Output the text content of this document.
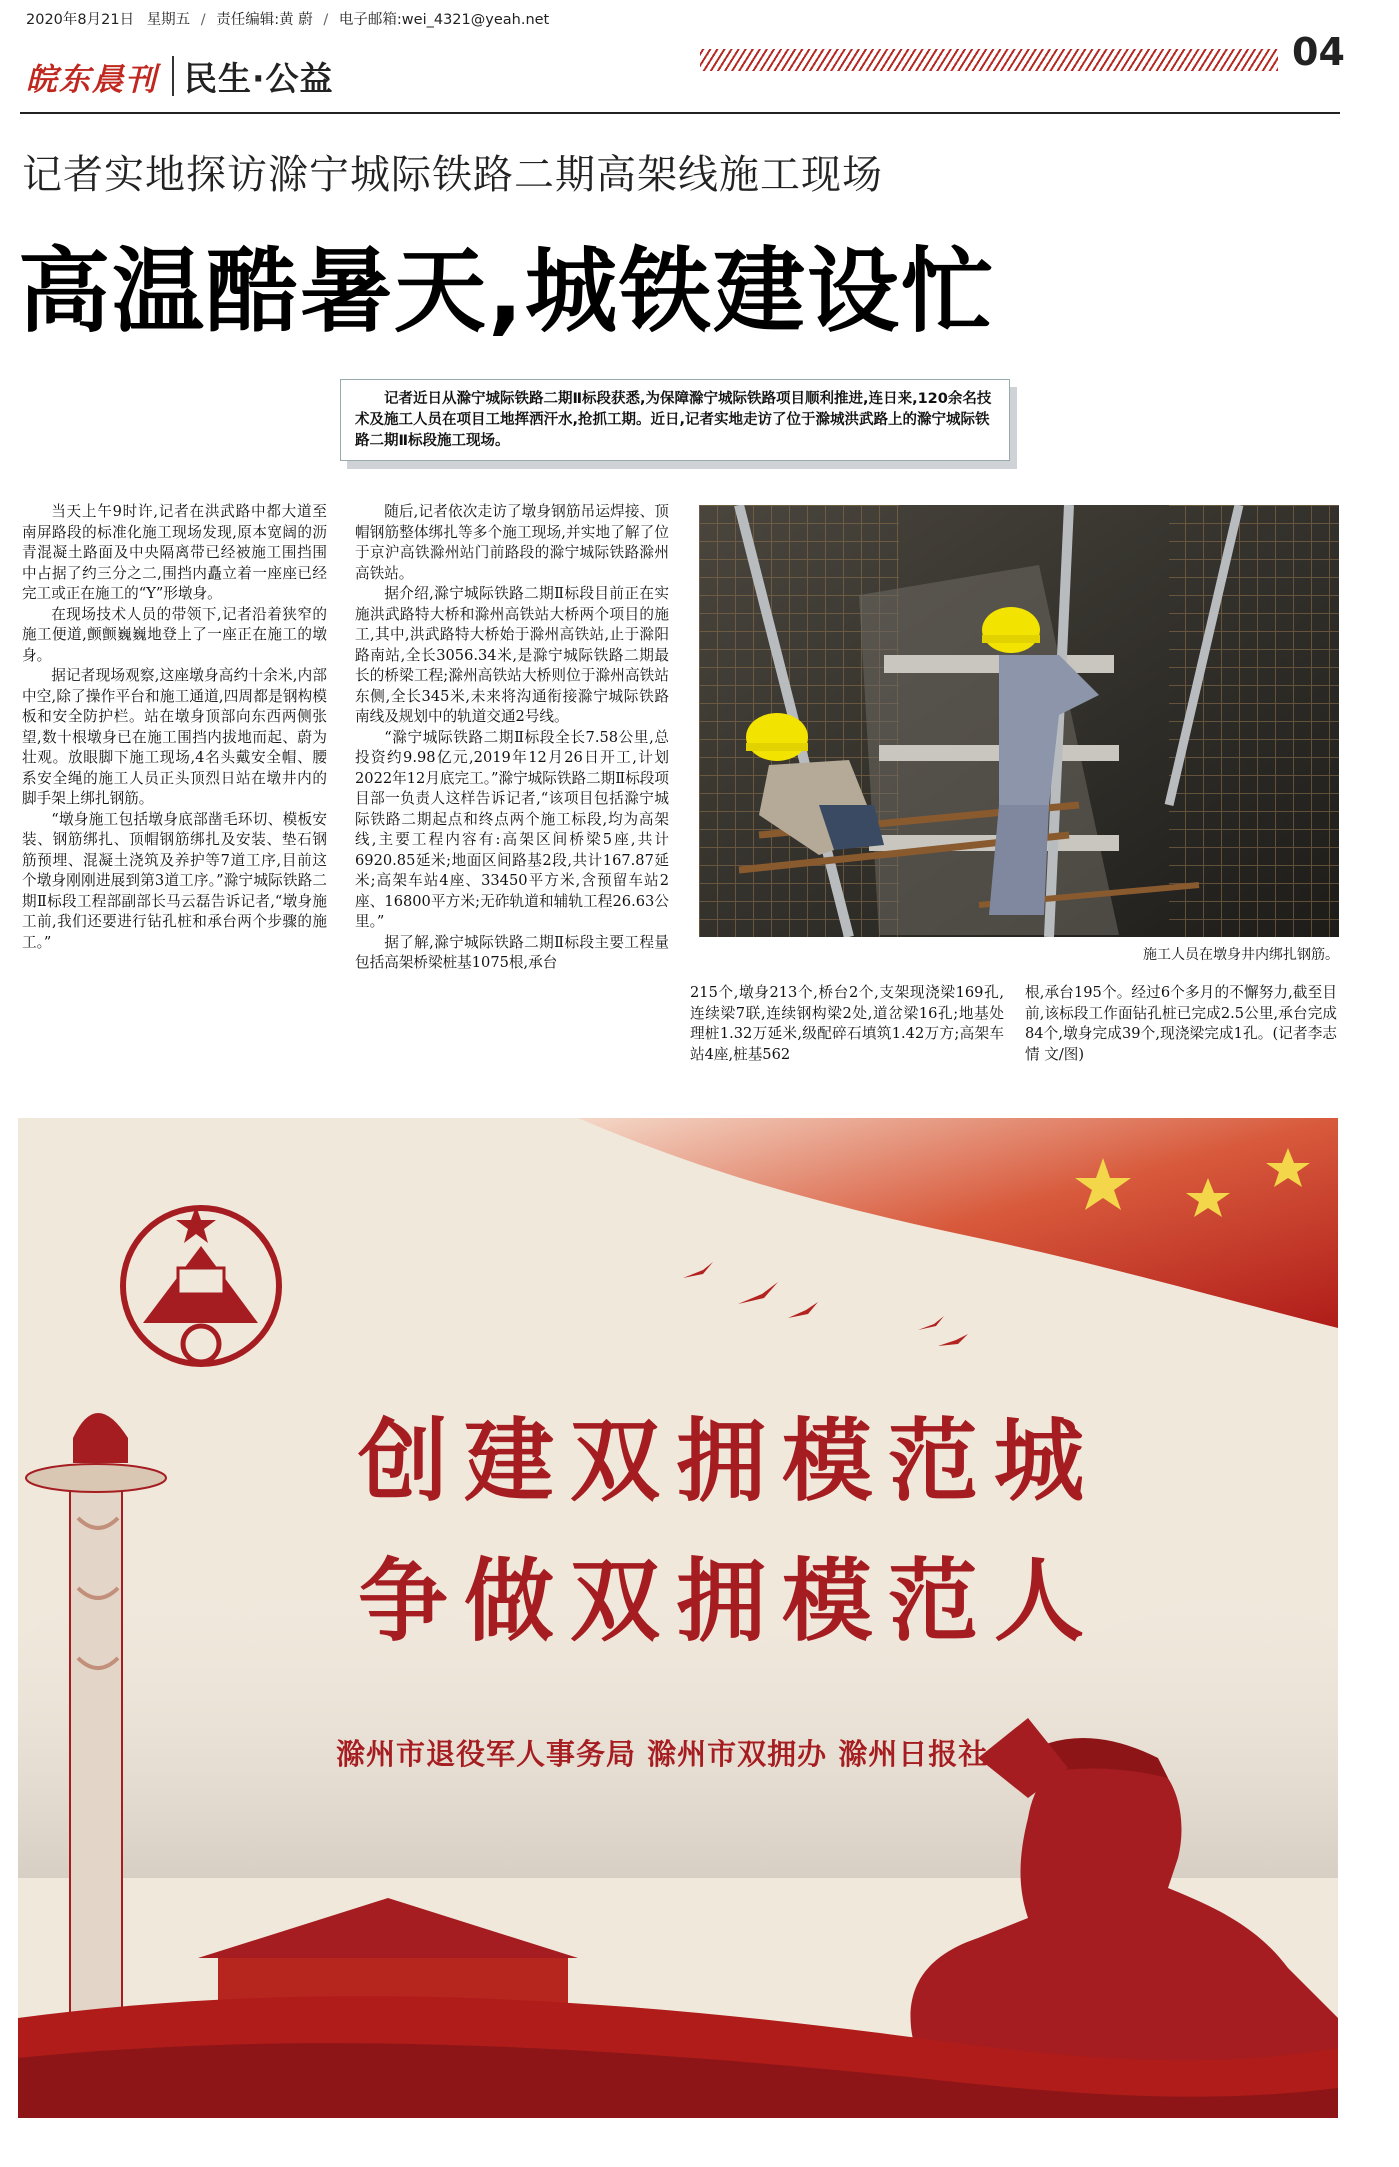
2020年8月21日 星期五 / 责任编辑:黄 蔚 / 电子邮箱:wei_4321@yeah.net
皖东晨刊 民生·公益
04
记者实地探访滁宁城际铁路二期高架线施工现场
高温酷暑天,城铁建设忙
记者近日从滁宁城际铁路二期Ⅱ标段获悉,为保障滁宁城际铁路项目顺利推进,连日来,120余名技术及施工人员在项目工地挥洒汗水,抢抓工期。近日,记者实地走访了位于滁城洪武路上的滁宁城际铁路二期Ⅱ标段施工现场。

当天上午9时许,记者在洪武路中都大道至南屏路段的标准化施工现场发现,原本宽阔的沥青混凝土路面及中央隔离带已经被施工围挡围中占据了约三分之二,围挡内矗立着一座座已经完工或正在施工的“Y”形墩身。

在现场技术人员的带领下,记者沿着狭窄的施工便道,颤颤巍巍地登上了一座正在施工的墩身。

据记者现场观察,这座墩身高约十余米,内部中空,除了操作平台和施工通道,四周都是钢构模板和安全防护栏。站在墩身顶部向东西两侧张望,数十根墩身已在施工围挡内拔地而起、蔚为壮观。放眼脚下施工现场,4名头戴安全帽、腰系安全绳的施工人员正头顶烈日站在墩井内的脚手架上绑扎钢筋。

“墩身施工包括墩身底部凿毛环切、模板安装、钢筋绑扎、顶帽钢筋绑扎及安装、垫石钢筋预埋、混凝土浇筑及养护等7道工序,目前这个墩身刚刚进展到第3道工序。”滁宁城际铁路二期Ⅱ标段工程部副部长马云磊告诉记者,“墩身施工前,我们还要进行钻孔桩和承台两个步骤的施工。”

随后,记者依次走访了墩身钢筋吊运焊接、顶帽钢筋整体绑扎等多个施工现场,并实地了解了位于京沪高铁滁州站门前路段的滁宁城际铁路滁州高铁站。

据介绍,滁宁城际铁路二期Ⅱ标段目前正在实施洪武路特大桥和滁州高铁站大桥两个项目的施工,其中,洪武路特大桥始于滁州高铁站,止于滁阳路南站,全长3056.34米,是滁宁城际铁路二期最长的桥梁工程;滁州高铁站大桥则位于滁州高铁站东侧,全长345米,未来将沟通衔接滁宁城际铁路南线及规划中的轨道交通2号线。

“滁宁城际铁路二期Ⅱ标段全长7.58公里,总投资约9.98亿元,2019年12月26日开工,计划2022年12月底完工。”滁宁城际铁路二期Ⅱ标段项目部一负责人这样告诉记者,“该项目包括滁宁城际铁路二期起点和终点两个施工标段,均为高架线,主要工程内容有:高架区间桥梁5座,共计6920.85延米;地面区间路基2段,共计167.87延米;高架车站4座、33450平方米,含预留车站2座、16800平方米;无砟轨道和辅轨工程26.63公里。”

据了解,滁宁城际铁路二期Ⅱ标段主要工程量包括高架桥梁桩基1075根,承台

215个,墩身213个,桥台2个,支架现浇梁169孔,连续梁7联,连续钢构梁2处,道岔梁16孔;地基处理桩1.32万延米,级配碎石填筑1.42万方;高架车站4座,桩基562
根,承台195个。经过6个多月的不懈努力,截至目前,该标段工作面钻孔桩已完成2.5公里,承台完成84个,墩身完成39个,现浇梁完成1孔。(记者李志情 文/图)
施工人员在墩身井内绑扎钢筋。
创建双拥模范城
争做双拥模范人
滁州市退役军人事务局 滁州市双拥办 滁州日报社
